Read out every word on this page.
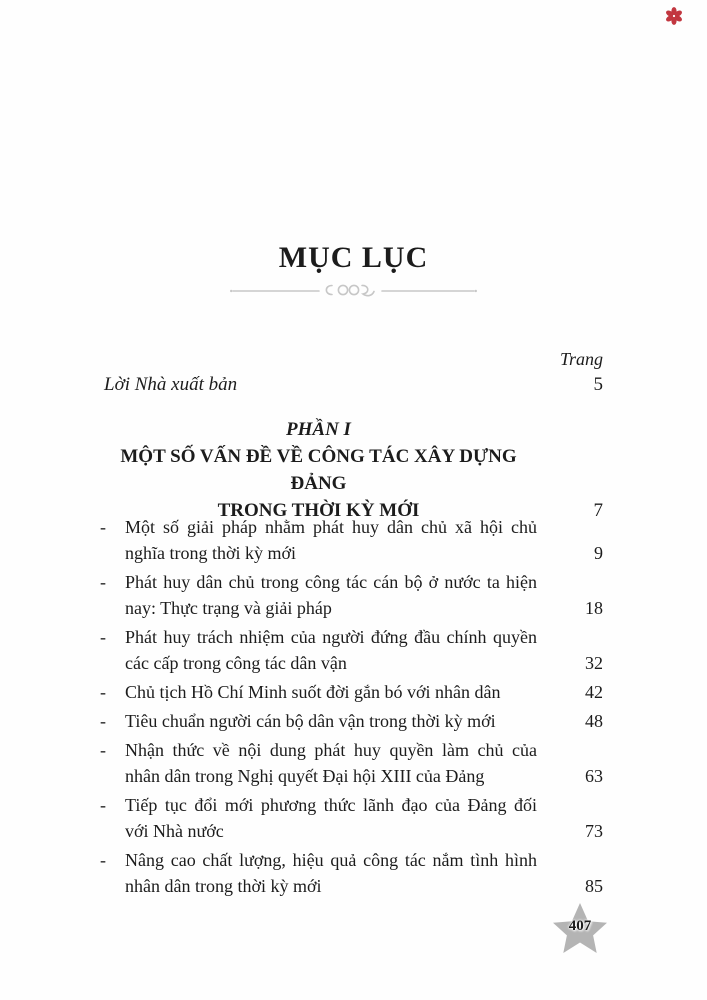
MỤC LỤC
Trang
Lời Nhà xuất bản	5
PHẦN I
MỘT SỐ VẤN ĐỀ VỀ CÔNG TÁC XÂY DỰNG ĐẢNG
TRONG THỜI KỲ MỚI	7
-	Một số giải pháp nhằm phát huy dân chủ xã hội chủ
nghĩa trong thời kỳ mới	9
-	Phát huy dân chủ trong công tác cán bộ ở nước ta hiện
nay: Thực trạng và giải pháp	18
-	Phát huy trách nhiệm của người đứng đầu chính quyền
các cấp trong công tác dân vận	32
-	Chủ tịch Hồ Chí Minh suốt đời gắn bó với nhân dân	42
-	Tiêu chuẩn người cán bộ dân vận trong thời kỳ mới	48
-	Nhận thức về nội dung phát huy quyền làm chủ của
nhân dân trong Nghị quyết Đại hội XIII của Đảng	63
-	Tiếp tục đổi mới phương thức lãnh đạo của Đảng đối
với Nhà nước	73
-	Nâng cao chất lượng, hiệu quả công tác nắm tình hình
nhân dân trong thời kỳ mới	85
407
